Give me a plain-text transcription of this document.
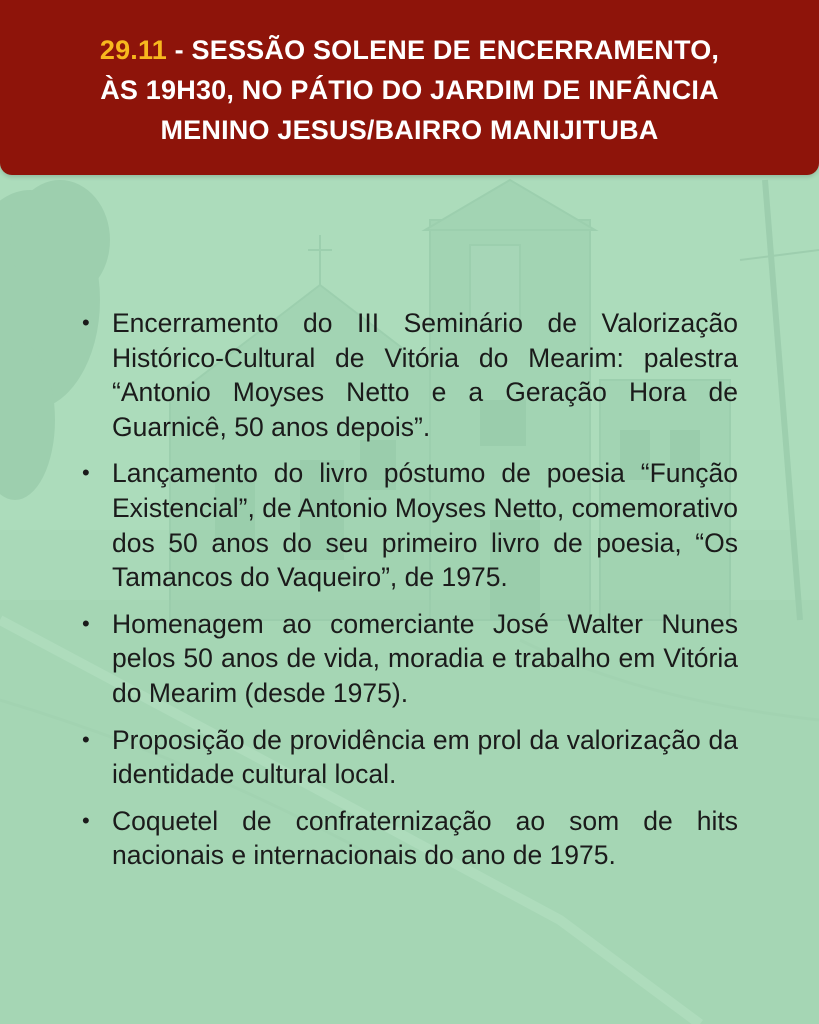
29.11 - SESSÃO SOLENE DE ENCERRAMENTO,
ÀS 19H30, NO PÁTIO DO JARDIM DE INFÂNCIA
MENINO JESUS/BAIRRO MANIJITUBA
• Encerramento do III Seminário de Valorização Histórico-Cultural de Vitória do Mearim: palestra “Antonio Moyses Netto e a Geração Hora de Guarnicê, 50 anos depois”.
• Lançamento do livro póstumo de poesia “Função Existencial”, de Antonio Moyses Netto, comemorativo dos 50 anos do seu primeiro livro de poesia, “Os Tamancos do Vaqueiro”, de 1975.
• Homenagem ao comerciante José Walter Nunes pelos 50 anos de vida, moradia e trabalho em Vitória do Mearim (desde 1975).
• Proposição de providência em prol da valorização da identidade cultural local.
• Coquetel de confraternização ao som de hits nacionais e internacionais do ano de 1975.
